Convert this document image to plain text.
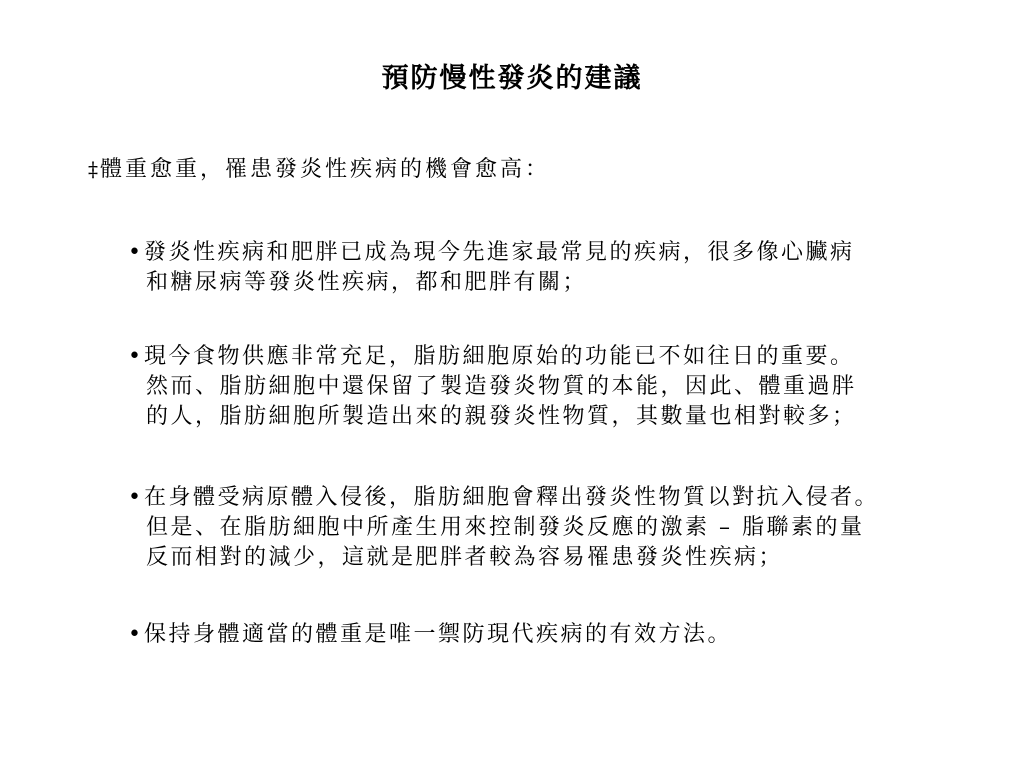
預防慢性發炎的建議
‡體重愈重，罹患發炎性疾病的機會愈高：
• 發炎性疾病和肥胖已成為現今先進家最常見的疾病，很多像心臟病
和糖尿病等發炎性疾病，都和肥胖有關；
• 現今食物供應非常充足，脂肪細胞原始的功能已不如往日的重要。
然而、脂肪細胞中還保留了製造發炎物質的本能，因此、體重過胖
的人，脂肪細胞所製造出來的親發炎性物質，其數量也相對較多；
• 在身體受病原體入侵後，脂肪細胞會釋出發炎性物質以對抗入侵者。
但是、在脂肪細胞中所產生用來控制發炎反應的激素 – 脂聯素的量
反而相對的減少，這就是肥胖者較為容易罹患發炎性疾病；
• 保持身體適當的體重是唯一禦防現代疾病的有效方法。
